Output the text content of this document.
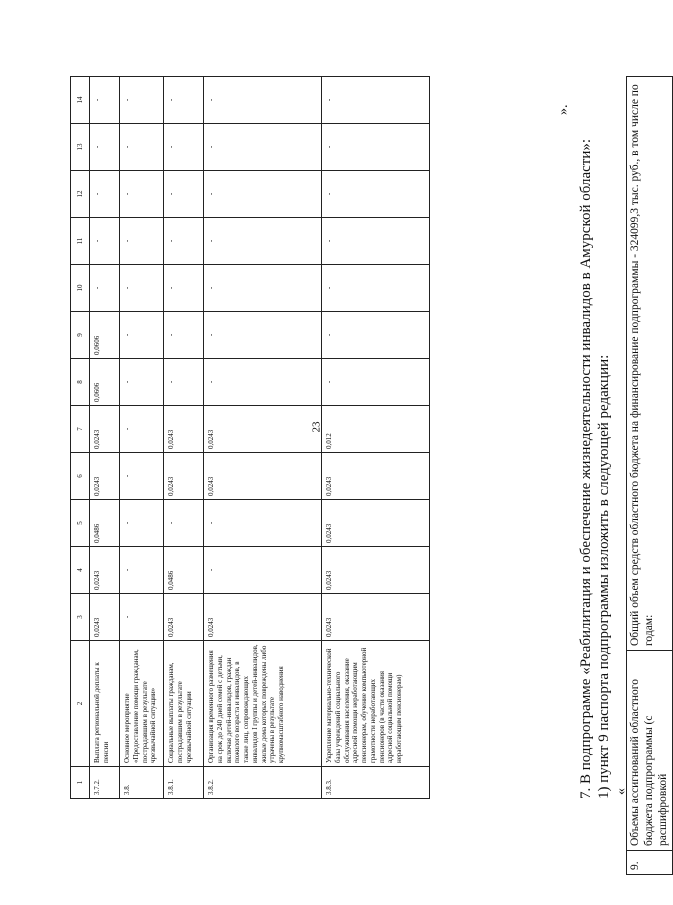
23
1	2	3	4	5	6	7	8	9	10	11	12	13	14
3.7.2.	Выплата региональной доплаты к пенсии	0,0243	0,0243	0,0486	0,0243	0,0243	0,0606	0,0606	-	-	-	-	-
3.8.	Основное мероприятие «Предоставление помощи гражданам, пострадавшим в результате чрезвычайной ситуации»	-	-	-	-	-	-	-	-	-	-	-	-
3.8.1.	Социальные выплаты гражданам, пострадавшим в результате чрезвычайной ситуации	0,0243	0,0486	-	0,0243	0,0243	-	-	-	-	-	-	-
3.8.2.	Организация временного размещения на срок до 240 дней семей с детьми, включая детей-инвалидов, граждан пожилого возраста и инвалидов, в также лиц, сопровождающих инвалидов I группы и детей-инвалидов, жилые дома которых повреждены либо утрачены в результате крупномасштабного наводнения	0,0243	-	-	0,0243	0,0243	-	-	-	-	-	-	-
3.8.3.	Укрепление материально-технической базы учреждений социального обслуживания населения, оказание адресной помощи неработающим пенсионерам, обучение компьютерной грамотности неработающих пенсионеров (в части оказания адресной социальной помощи неработающим пенсионерам)	0,0243	0,0243	0,0243	0,0243	0,012	-	-	-	-	-	-	-
».
7. В подпрограмме «Реабилитация и обеспечение жизнедеятельности инвалидов в Амурской области»: 1) пункт 9 паспорта подпрограммы изложить в следующей редакции: «
9.	Объемы ассигнований областного бюджета подпрограммы (с расшифровкой	Общий объем средств областного бюджета на финансирование подпрограммы - 324099,3 тыс. руб., в том числе по годам:
